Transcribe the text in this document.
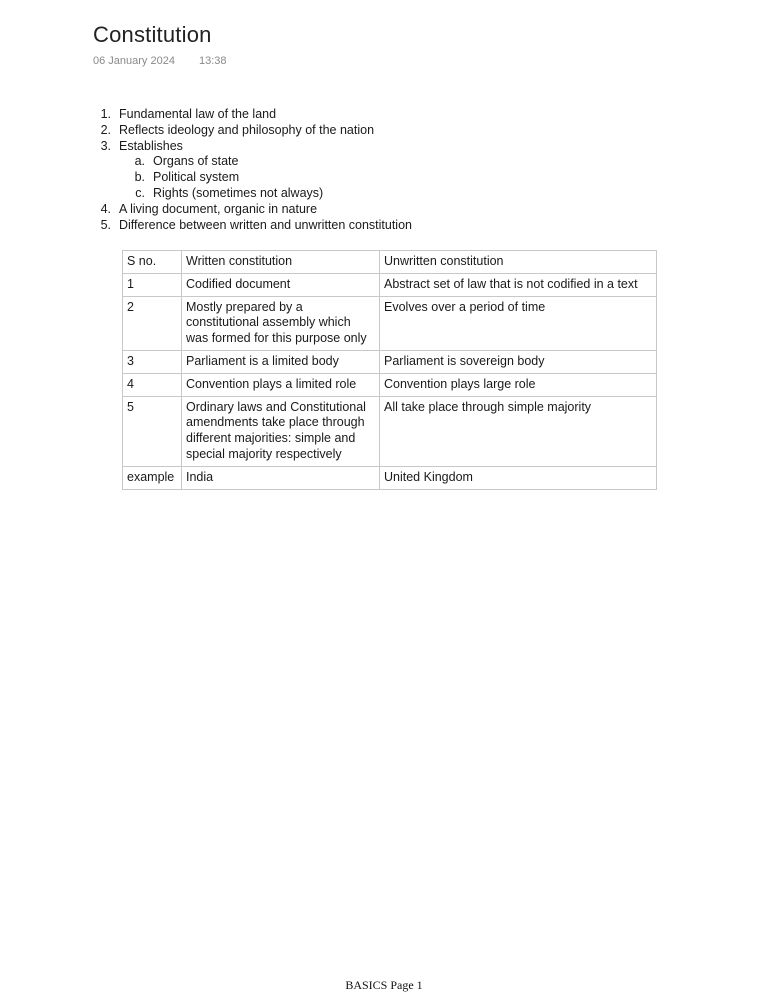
Constitution
06 January 2024 13:38
1. Fundamental law of the land
2. Reflects ideology and philosophy of the nation
3. Establishes
a. Organs of state
b. Political system
c. Rights (sometimes not always)
4. A living document, organic in nature
5. Difference between written and unwritten constitution
S no.	Written constitution	Unwritten constitution
1	Codified document	Abstract set of law that is not codified in a text
2	Mostly prepared by a constitutional assembly which was formed for this purpose only	Evolves over a period of time
3	Parliament is a limited body	Parliament is sovereign body
4	Convention plays a limited role	Convention plays large role
5	Ordinary laws and Constitutional amendments take place through different majorities: simple and special majority respectively	All take place through simple majority
example	India	United Kingdom
BASICS Page 1
